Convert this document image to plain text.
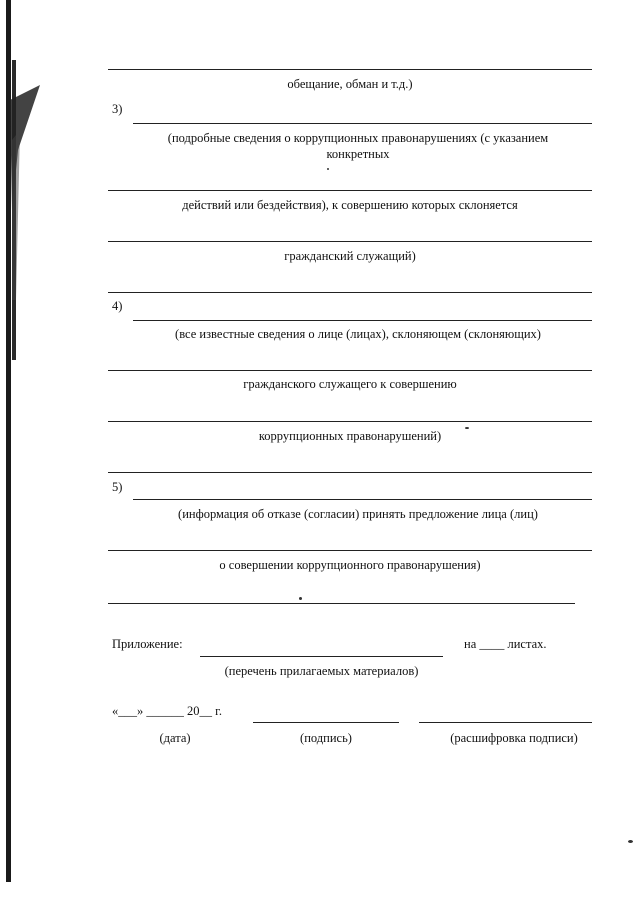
обещание, обман и т.д.)
3)
(подробные сведения о коррупционных правонарушениях (с указанием
конкретных
действий или бездействия), к совершению которых склоняется
гражданский служащий)
4)
(все известные сведения о лице (лицах), склоняющем (склоняющих)
гражданского служащего к совершению
коррупционных правонарушений)
5)
(информация об отказе (согласии) принять предложение лица (лиц)
о совершении коррупционного правонарушения)
Приложение:	на ____ листах.
(перечень прилагаемых материалов)
«___» ______ 20__ г.
(дата)	(подпись)	(расшифровка подписи)
